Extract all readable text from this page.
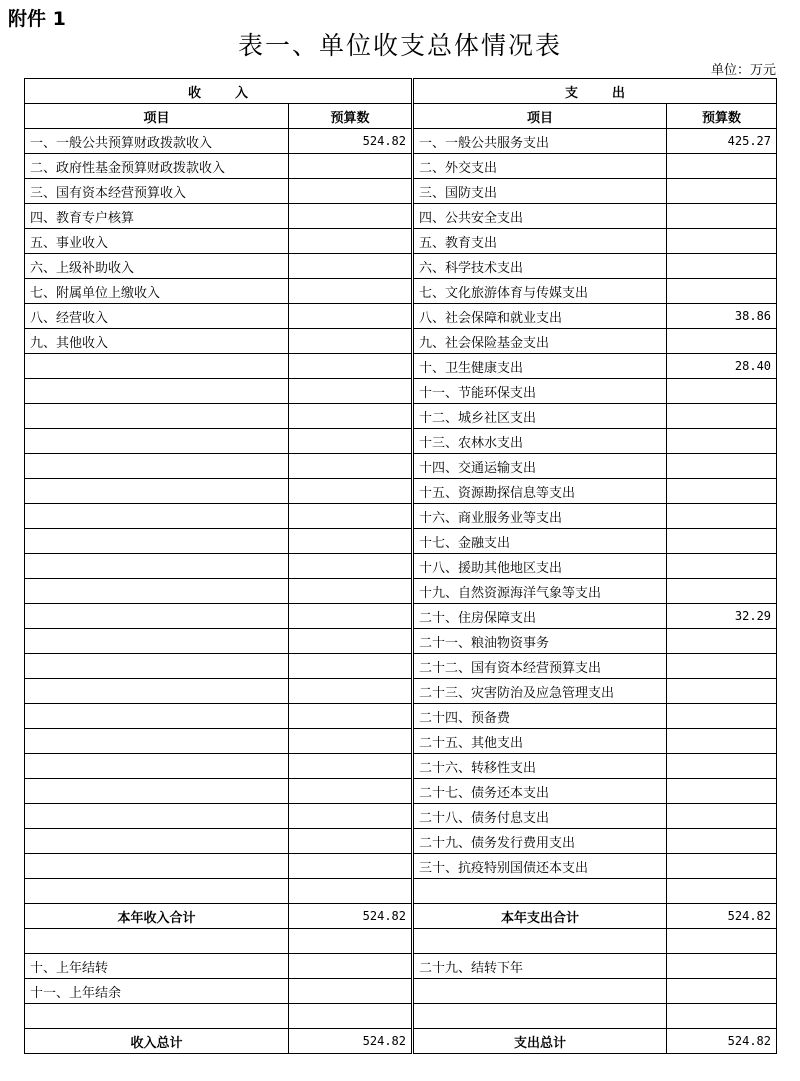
附件 1
表一、单位收支总体情况表
单位：万元
收入	
项目	预算数
一、一般公共预算财政拨款收入	524.82
二、政府性基金预算财政拨款收入	
三、国有资本经营预算收入	
四、教育专户核算	
五、事业收入	
六、上级补助收入	
七、附属单位上缴收入	
八、经营收入	
九、其他收入	

本年收入合计	524.82

十、上年结转	
十一、上年结余	

收入总计	524.82
支出	
项目	预算数
一、一般公共服务支出	425.27
二、外交支出	
三、国防支出	
四、公共安全支出	
五、教育支出	
六、科学技术支出	
七、文化旅游体育与传媒支出	
八、社会保障和就业支出	38.86
九、社会保险基金支出	
十、卫生健康支出	28.40
十一、节能环保支出	
十二、城乡社区支出	
十三、农林水支出	
十四、交通运输支出	
十五、资源勘探信息等支出	
十六、商业服务业等支出	
十七、金融支出	
十八、援助其他地区支出	
十九、自然资源海洋气象等支出	
二十、住房保障支出	32.29
二十一、粮油物资事务	
二十二、国有资本经营预算支出	
二十三、灾害防治及应急管理支出	
二十四、预备费	
二十五、其他支出	
二十六、转移性支出	
二十七、债务还本支出	
二十八、债务付息支出	
二十九、债务发行费用支出	
三十、抗疫特别国债还本支出	

本年支出合计	524.82

二十九、结转下年	

支出总计	524.82
